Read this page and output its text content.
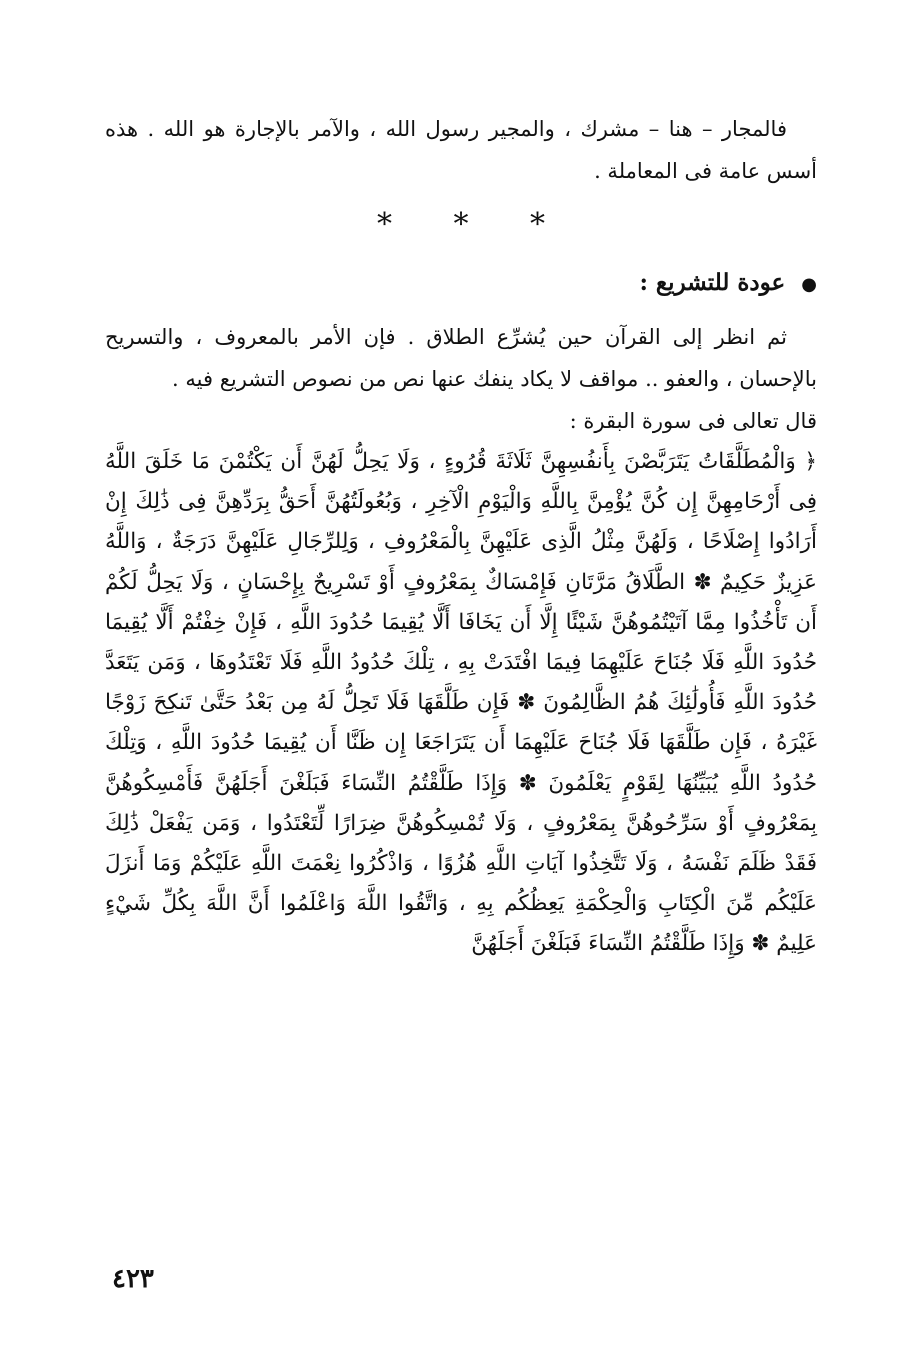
فالمجار – هنا – مشرك ، والمجير رسول الله ، والآمر بالإجارة هو الله . هذه أسس عامة فى المعاملة .

* * *
● عودة للتشريع :

ثم انظر إلى القرآن حين يُشرِّع الطلاق . فإن الأمر بالمعروف ، والتسريح بالإحسان ، والعفو .. مواقف لا يكاد ينفك عنها نص من نصوص التشريع فيه .

قال تعالى فى سورة البقرة :

﴿ وَالْمُطَلَّقَاتُ يَتَرَبَّصْنَ بِأَنفُسِهِنَّ ثَلَاثَةَ قُرُوءٍ ، وَلَا يَحِلُّ لَهُنَّ أَن يَكْتُمْنَ مَا خَلَقَ اللَّهُ فِى أَرْحَامِهِنَّ إِن كُنَّ يُؤْمِنَّ بِاللَّهِ وَالْيَوْمِ الْآخِرِ ، وَبُعُولَتُهُنَّ أَحَقُّ بِرَدِّهِنَّ فِى ذَٰلِكَ إِنْ أَرَادُوا إِصْلَاحًا ، وَلَهُنَّ مِثْلُ الَّذِى عَلَيْهِنَّ بِالْمَعْرُوفِ ، وَلِلرِّجَالِ عَلَيْهِنَّ دَرَجَةٌ ، وَاللَّهُ عَزِيزٌ حَكِيمٌ ✽ الطَّلَاقُ مَرَّتَانِ فَإِمْسَاكٌ بِمَعْرُوفٍ أَوْ تَسْرِيحٌ بِإِحْسَانٍ ، وَلَا يَحِلُّ لَكُمْ أَن تَأْخُذُوا مِمَّا آتَيْتُمُوهُنَّ شَيْئًا إِلَّا أَن يَخَافَا أَلَّا يُقِيمَا حُدُودَ اللَّهِ ، فَإِنْ خِفْتُمْ أَلَّا يُقِيمَا حُدُودَ اللَّهِ فَلَا جُنَاحَ عَلَيْهِمَا فِيمَا افْتَدَتْ بِهِ ، تِلْكَ حُدُودُ اللَّهِ فَلَا تَعْتَدُوهَا ، وَمَن يَتَعَدَّ حُدُودَ اللَّهِ فَأُولَٰئِكَ هُمُ الظَّالِمُونَ ✽ فَإِن طَلَّقَهَا فَلَا تَحِلُّ لَهُ مِن بَعْدُ حَتَّىٰ تَنكِحَ زَوْجًا غَيْرَهُ ، فَإِن طَلَّقَهَا فَلَا جُنَاحَ عَلَيْهِمَا أَن يَتَرَاجَعَا إِن ظَنَّا أَن يُقِيمَا حُدُودَ اللَّهِ ، وَتِلْكَ حُدُودُ اللَّهِ يُبَيِّنُهَا لِقَوْمٍ يَعْلَمُونَ ✽ وَإِذَا طَلَّقْتُمُ النِّسَاءَ فَبَلَغْنَ أَجَلَهُنَّ فَأَمْسِكُوهُنَّ بِمَعْرُوفٍ أَوْ سَرِّحُوهُنَّ بِمَعْرُوفٍ ، وَلَا تُمْسِكُوهُنَّ ضِرَارًا لِّتَعْتَدُوا ، وَمَن يَفْعَلْ ذَٰلِكَ فَقَدْ ظَلَمَ نَفْسَهُ ، وَلَا تَتَّخِذُوا آيَاتِ اللَّهِ هُزُوًا ، وَاذْكُرُوا نِعْمَتَ اللَّهِ عَلَيْكُمْ وَمَا أَنزَلَ عَلَيْكُم مِّنَ الْكِتَابِ وَالْحِكْمَةِ يَعِظُكُم بِهِ ، وَاتَّقُوا اللَّهَ وَاعْلَمُوا أَنَّ اللَّهَ بِكُلِّ شَيْءٍ عَلِيمٌ ✽ وَإِذَا طَلَّقْتُمُ النِّسَاءَ فَبَلَغْنَ أَجَلَهُنَّ

٤٢٣
